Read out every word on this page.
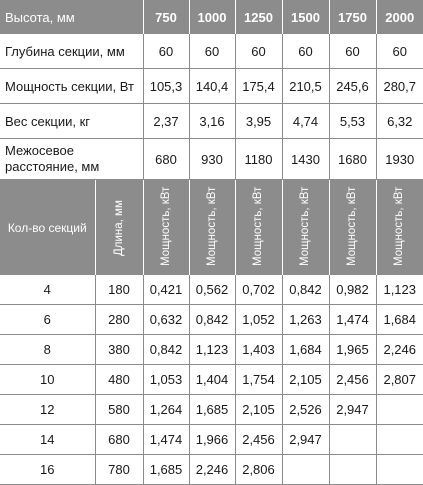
Высота, мм		750	1000	1250	1500	1750	2000
Глубина секции, мм		60	60	60	60	60	60
Мощность секции, Вт		105,3	140,4	175,4	210,5	245,6	280,7
Вес секции, кг		2,37	3,16	3,95	4,74	5,53	6,32
Межосевое расстояние, мм		680	930	1180	1430	1680	1930
Кол-во секций	Длина, мм	Мощность, кВт	Мощность, кВт	Мощность, кВт	Мощность, кВт	Мощность, кВт	Мощность, кВт
4	180	0,421	0,562	0,702	0,842	0,982	1,123
6	280	0,632	0,842	1,052	1,263	1,474	1,684
8	380	0,842	1,123	1,403	1,684	1,965	2,246
10	480	1,053	1,404	1,754	2,105	2,456	2,807
12	580	1,264	1,685	2,105	2,526	2,947	
14	680	1,474	1,966	2,456	2,947		
16	780	1,685	2,246	2,806			
